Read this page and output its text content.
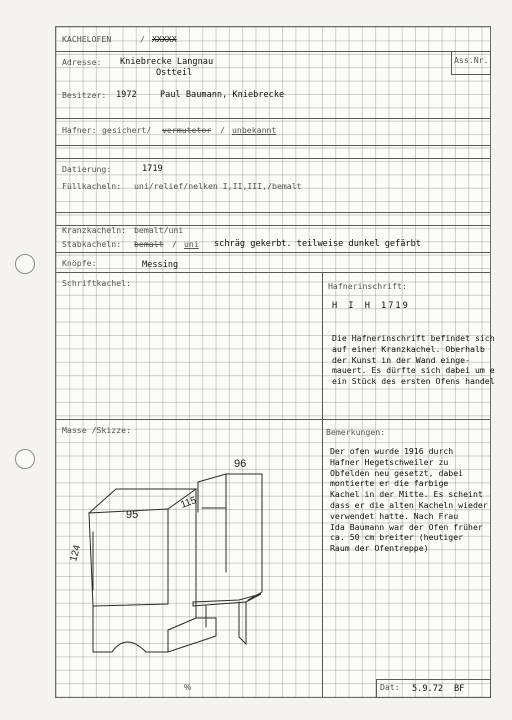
Ass.Nr.
KACHELOFEN	/ XXXXX
Adresse: Kniebrecke Langnau
Ostteil
Besitzer: 1972	Paul Baumann, Kniebrecke
Hafner: gesichert/ vermutetor / unbekannt
Datierung:	1719
Füllkacheln: uni/relief/nelken I,II,III,/bemalt
Kranzkacheln: bemalt/uni
Stabkacheln: bemalt / uni schräg gekerbt. teilweise dunkel gefärbt
Knöpfe:	Messing
Schriftkachel:	Hafnerinschrift:
H I H 1719
Die Hafnerinschrift befindet sich
auf einer Kranzkachel. Oberhalb
der Kunst in der Wand einge-
mauert. Es dürfte sich dabei um e
ein Stück des ersten Ofens handel
Masse /Skizze:	Bemerkungen:
Der ofen wurde 1916 durch
Hafner Hegetschweiler zu
Obfelden neu gesetzt, dabei
montierte er die farbige
Kachel in der Mitte. Es scheint
dass er die alten Kacheln wieder
verwendet hatte. Nach Frau
Ida Baumann war der Ofen früher
ca. 50 cm breiter (heutiger
Raum der Ofentreppe)
96
95
115
124
%	Dat: 5.9.72 BF
